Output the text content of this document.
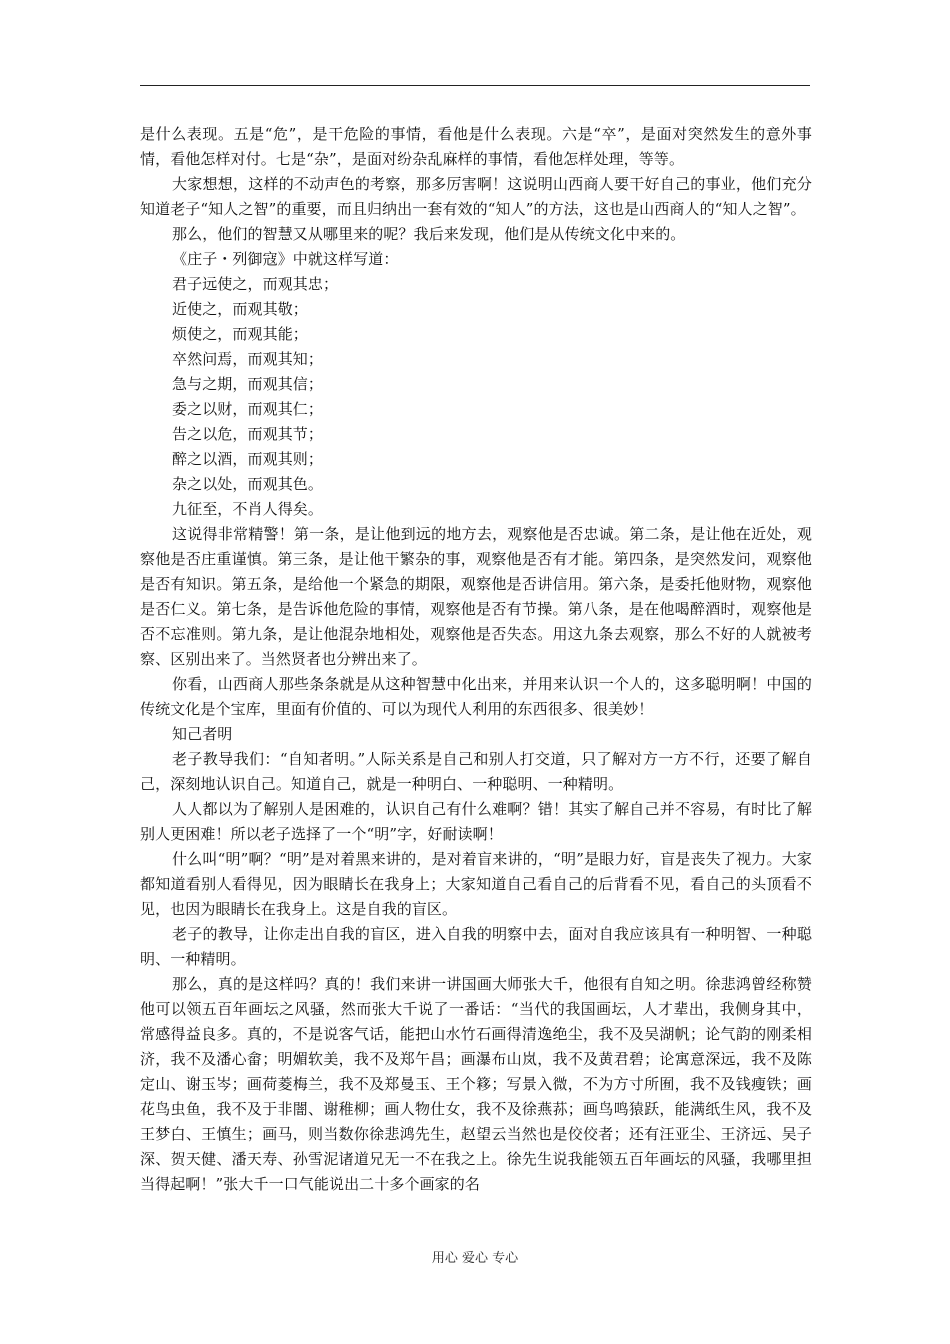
是什么表现。五是“危”，是干危险的事情，看他是什么表现。六是“卒”，是面对突然发生的意外事情，看他怎样对付。七是“杂”，是面对纷杂乱麻样的事情，看他怎样处理，等等。

大家想想，这样的不动声色的考察，那多厉害啊！这说明山西商人要干好自己的事业，他们充分知道老子“知人之智”的重要，而且归纳出一套有效的“知人”的方法，这也是山西商人的“知人之智”。

那么，他们的智慧又从哪里来的呢？我后来发现，他们是从传统文化中来的。

《庄子・列御寇》中就这样写道：

君子远使之，而观其忠；

近使之，而观其敬；

烦使之，而观其能；

卒然问焉，而观其知；

急与之期，而观其信；

委之以财，而观其仁；

告之以危，而观其节；

醉之以酒，而观其则；

杂之以处，而观其色。

九征至，不肖人得矣。

这说得非常精警！第一条，是让他到远的地方去，观察他是否忠诚。第二条，是让他在近处，观察他是否庄重谨慎。第三条，是让他干繁杂的事，观察他是否有才能。第四条，是突然发问，观察他是否有知识。第五条，是给他一个紧急的期限，观察他是否讲信用。第六条，是委托他财物，观察他是否仁义。第七条，是告诉他危险的事情，观察他是否有节操。第八条，是在他喝醉酒时，观察他是否不忘准则。第九条，是让他混杂地相处，观察他是否失态。用这九条去观察，那么不好的人就被考察、区别出来了。当然贤者也分辨出来了。

你看，山西商人那些条条就是从这种智慧中化出来，并用来认识一个人的，这多聪明啊！中国的传统文化是个宝库，里面有价值的、可以为现代人利用的东西很多、很美妙！

知己者明

老子教导我们：“自知者明。”人际关系是自己和别人打交道，只了解对方一方不行，还要了解自己，深刻地认识自己。知道自己，就是一种明白、一种聪明、一种精明。

人人都以为了解别人是困难的，认识自己有什么难啊？错！其实了解自己并不容易，有时比了解别人更困难！所以老子选择了一个“明”字，好耐读啊！

什么叫“明”啊？“明”是对着黑来讲的，是对着盲来讲的，“明”是眼力好，盲是丧失了视力。大家都知道看别人看得见，因为眼睛长在我身上；大家知道自己看自己的后背看不见，看自己的头顶看不见，也因为眼睛长在我身上。这是自我的盲区。

老子的教导，让你走出自我的盲区，进入自我的明察中去，面对自我应该具有一种明智、一种聪明、一种精明。

那么，真的是这样吗？真的！我们来讲一讲国画大师张大千，他很有自知之明。徐悲鸿曾经称赞他可以领五百年画坛之风骚，然而张大千说了一番话：“当代的我国画坛，人才辈出，我侧身其中，常感得益良多。真的，不是说客气话，能把山水竹石画得清逸绝尘，我不及吴湖帆；论气韵的刚柔相济，我不及潘心畲；明媚软美，我不及郑午昌；画瀑布山岚，我不及黄君碧；论寓意深远，我不及陈定山、谢玉岑；画荷菱梅兰，我不及郑曼玉、王个簃；写景入微，不为方寸所囿，我不及钱瘦铁；画花鸟虫鱼，我不及于非闇、谢稚柳；画人物仕女，我不及徐燕荪；画鸟鸣猿跃，能满纸生风，我不及王梦白、王慎生；画马，则当数你徐悲鸿先生，赵望云当然也是佼佼者；还有汪亚尘、王济远、吴子深、贺天健、潘天寿、孙雪泥诸道兄无一不在我之上。徐先生说我能领五百年画坛的风骚，我哪里担当得起啊！”张大千一口气能说出二十多个画家的名

用心 爱心 专心
